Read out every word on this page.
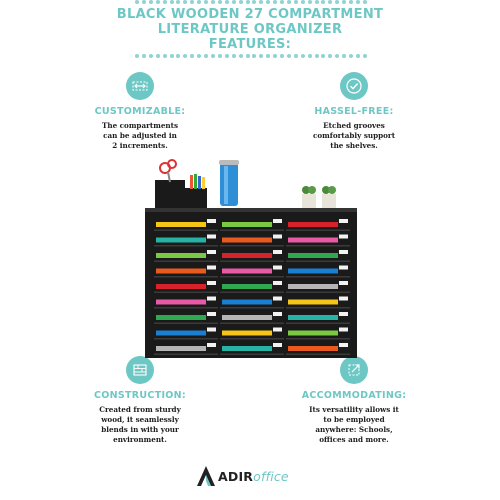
BLACK WOODEN 27 COMPARTMENT
LITERATURE ORGANIZER
FEATURES:
CUSTOMIZABLE:
The compartments
can be adjusted in
2 increments.
HASSEL-FREE:
Etched grooves
comfortably support
the shelves.
CONSTRUCTION:
Created from sturdy
wood, it seamlessly
blends in with your
environment.
ACCOMMODATING:
Its versatility allows it
to be employed
anywhere: Schools,
offices and more.
ADIRoffice
